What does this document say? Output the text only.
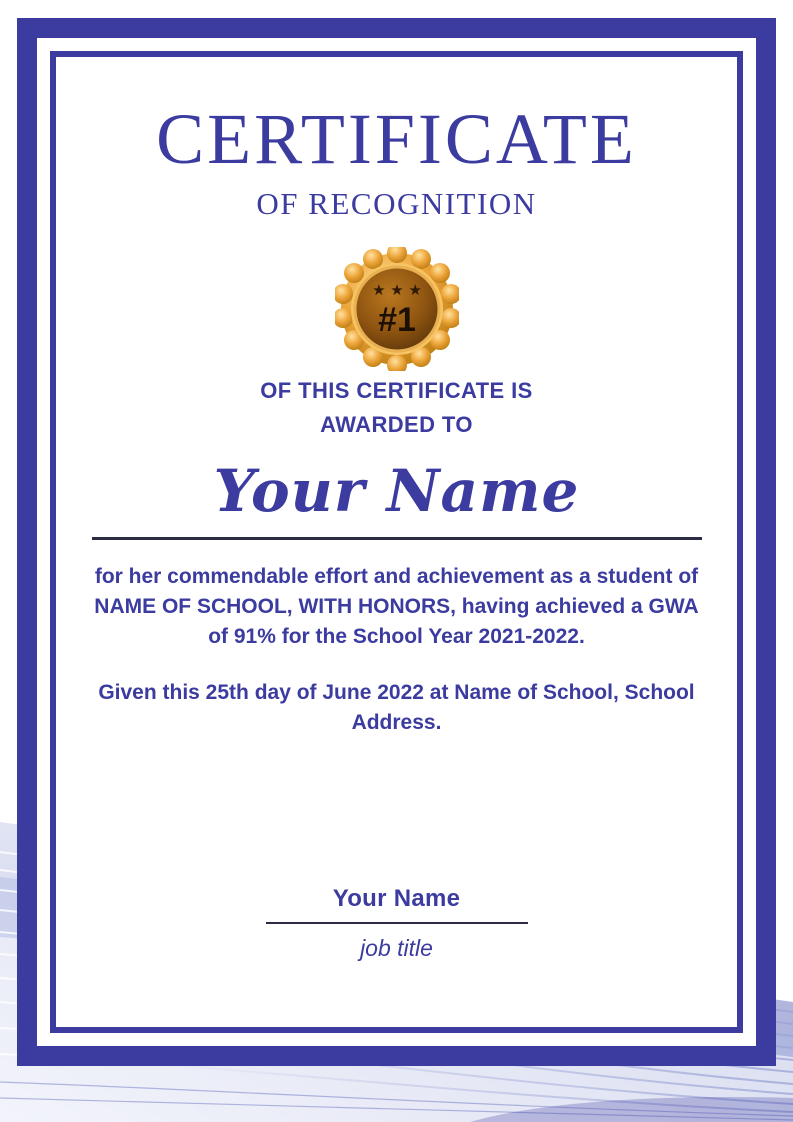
CERTIFICATE
OF RECOGNITION
★ ★ ★
#1
OF THIS CERTIFICATE IS
AWARDED TO
Your Name

for her commendable effort and achievement as a student of NAME OF SCHOOL, WITH HONORS, having achieved a GWA of 91% for the School Year 2021-2022.

Given this 25th day of June 2022 at Name of School, School Address.

Your Name
job title
